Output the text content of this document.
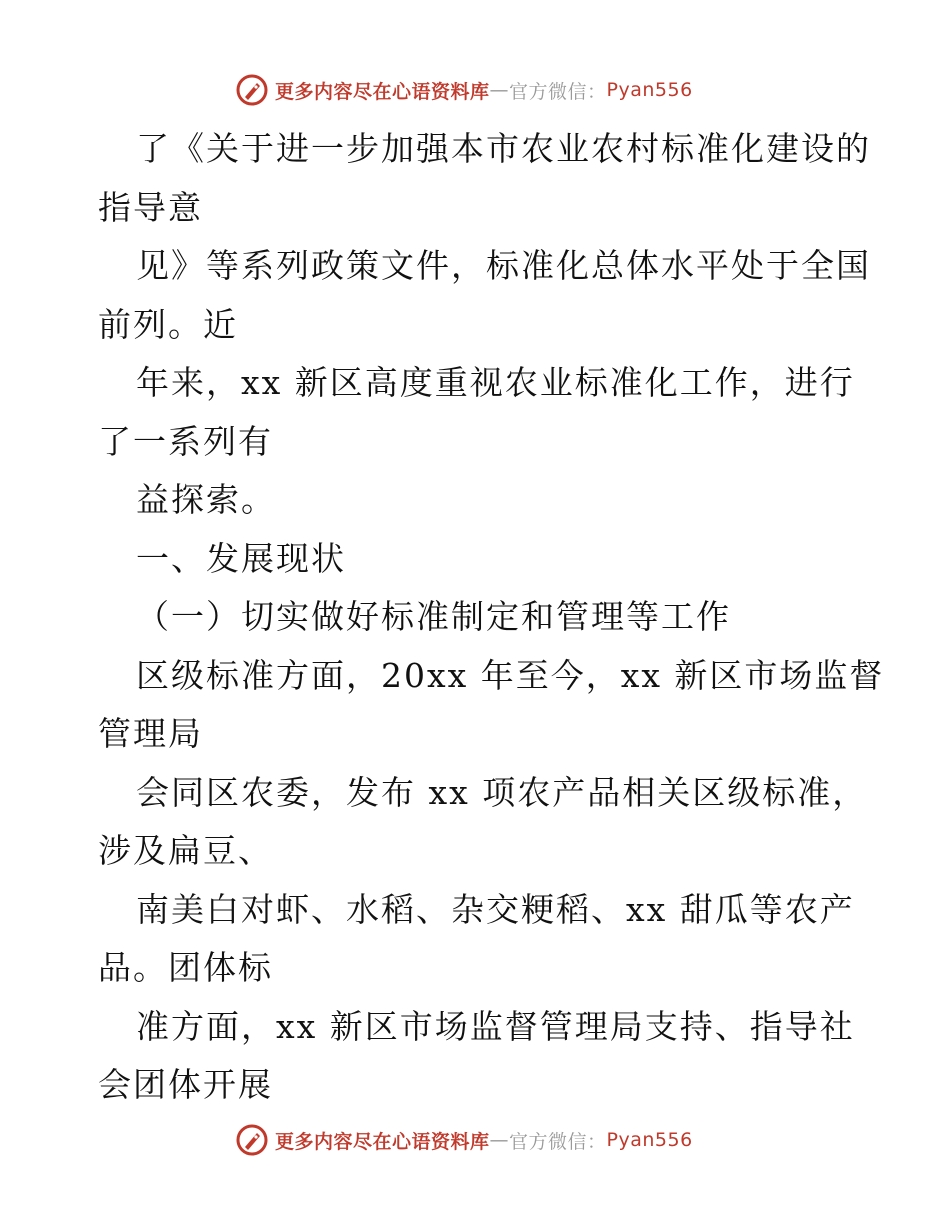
更多内容尽在心语资料库 — 官方微信： Pyan556
了《关于进一步加强本市农业农村标准化建设的
指导意
见》等系列政策文件，标准化总体水平处于全国
前列。近
年来，xx 新区高度重视农业标准化工作，进行
了一系列有
益探索。
一、发展现状
（一）切实做好标准制定和管理等工作
区级标准方面，20xx 年至今，xx 新区市场监督
管理局
会同区农委，发布 xx 项农产品相关区级标准，
涉及扁豆、
南美白对虾、水稻、杂交粳稻、xx 甜瓜等农产
品。团体标
准方面，xx 新区市场监督管理局支持、指导社
会团体开展
更多内容尽在心语资料库 — 官方微信： Pyan556
